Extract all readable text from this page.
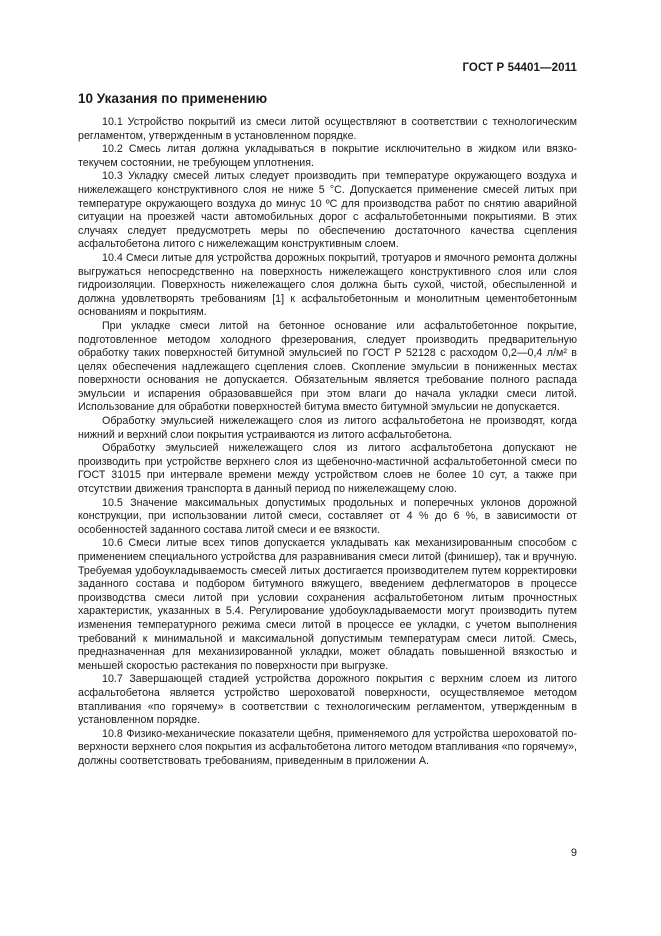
ГОСТ Р 54401—2011
10 Указания по применению

10.1 Устройство покрытий из смеси литой осуществляют в соответствии с технологическим регламентом, утвержденным в установленном порядке.

10.2 Смесь литая должна укладываться в покрытие исключительно в жидком или вязко-текучем состоянии, не требующем уплотнения.

10.3 Укладку смесей литых следует производить при температуре окружающего воздуха и нижележащего конструктивного слоя не ниже 5 °С. Допускается применение смесей литых при температуре окружающего воздуха до минус 10 ºС для производства работ по снятию аварийной ситуации на проезжей части автомобильных дорог с асфальтобетонными покрытиями. В этих случаях следует предусмотреть меры по обеспечению достаточного качества сцепления асфальтобетона литого с нижележащим конструктивным слоем.

10.4 Смеси литые для устройства дорожных покрытий, тротуаров и ямочного ремонта должны выгружаться непосредственно на поверхность нижележащего конструктивного слоя или слоя гидроизоляции. Поверхность нижележащего слоя должна быть сухой, чистой, обеспыленной и должна удовлетворять требованиям [1] к асфальтобетонным и монолитным цементобетонным основаниям и покрытиям.

При укладке смеси литой на бетонное основание или асфальтобетонное покрытие, подготовленное методом холодного фрезерования, следует производить предварительную обработку таких поверхностей битумной эмульсией по ГОСТ Р 52128 с расходом 0,2—0,4 л/м² в целях обеспечения надлежащего сцепления слоев. Скопление эмульсии в пониженных местах поверхности основания не допускается. Обязательным является требование полного распада эмульсии и испарения образовавшейся при этом влаги до начала укладки смеси литой. Использование для обработки поверхностей битума вместо битумной эмульсии не допускается.

Обработку эмульсией нижележащего слоя из литого асфальтобетона не производят, когда нижний и верхний слои покрытия устраиваются из литого асфальтобетона.

Обработку эмульсией нижележащего слоя из литого асфальтобетона допускают не производить при устройстве верхнего слоя из щебеночно-мастичной асфальтобетонной смеси по ГОСТ 31015 при интервале времени между устройством слоев не более 10 сут, а также при отсутствии движения транспорта в данный период по нижележащему слою.

10.5 Значение максимальных допустимых продольных и поперечных уклонов дорожной конструкции, при использовании литой смеси, составляет от 4 % до 6 %, в зависимости от особенностей заданного состава литой смеси и ее вязкости.

10.6 Смеси литые всех типов допускается укладывать как механизированным способом с применением специального устройства для разравнивания смеси литой (финишер), так и вручную. Требуемая удобоукладываемость смесей литых достигается производителем путем корректировки заданного состава и подбором битумного вяжущего, введением дефлегматоров в процессе производства смеси литой при условии сохранения асфальтобетоном литым прочностных характеристик, указанных в 5.4. Регулирование удобоукладываемости могут производить путем изменения температурного режима смеси литой в процессе ее укладки, с учетом выполнения требований к минимальной и максимальной допустимым температурам смеси литой. Смесь, предназначенная для механизированной укладки, может обладать повышенной вязкостью и меньшей скоростью растекания по поверхности при выгрузке.

10.7 Завершающей стадией устройства дорожного покрытия с верхним слоем из литого асфальтобетона является устройство шероховатой поверхности, осуществляемое методом втапливания «по горячему» в соответствии с технологическим регламентом, утвержденным в установленном порядке.

10.8 Физико-механические показатели щебня, применяемого для устройства шероховатой поверхности верхнего слоя покрытия из асфальтобетона литого методом втапливания «по горячему», должны соответствовать требованиям, приведенным в приложении А.

9
